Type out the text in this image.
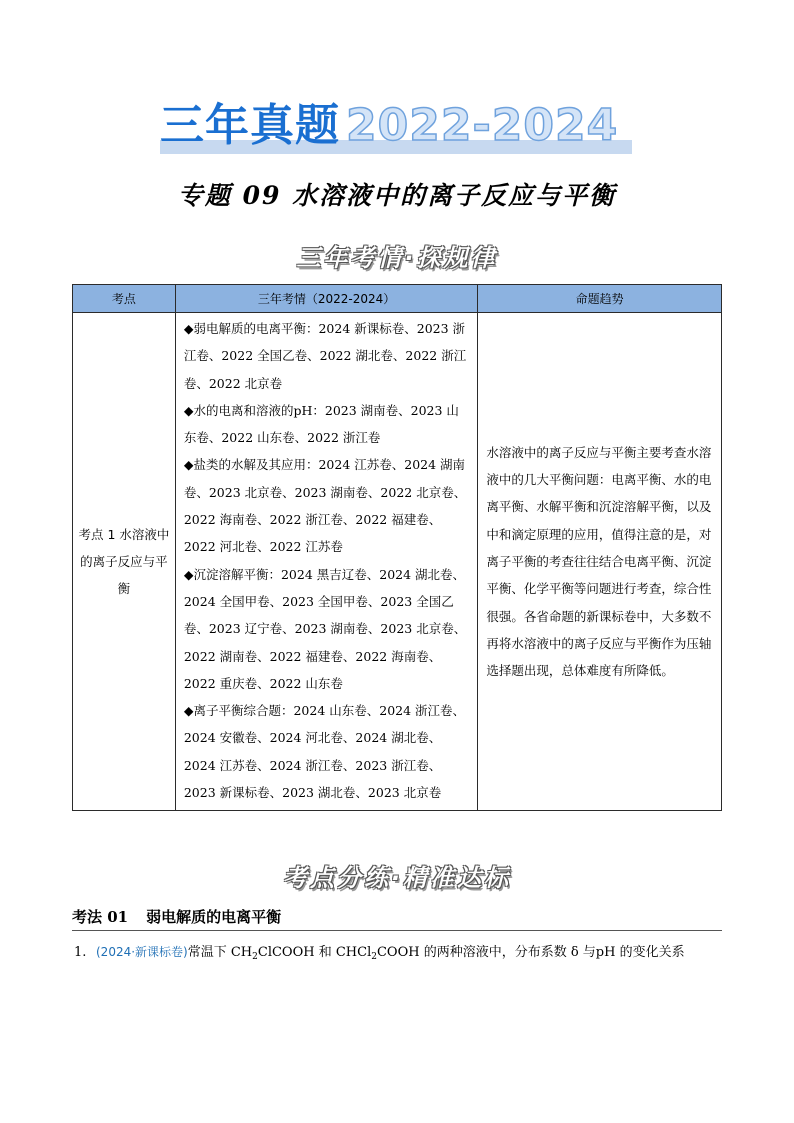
三年真题 2022-2024
专题 09 水溶液中的离子反应与平衡
三年考情·探规律
考点	三年考情（2022-2024）	命题趋势
考点 1 水溶液中的离子反应与平衡	◆弱电解质的电离平衡：2024 新课标卷、2023 浙江卷、2022 全国乙卷、2022 湖北卷、2022 浙江卷、2022 北京卷
◆水的电离和溶液的pH：2023 湖南卷、2023 山东卷、2022 山东卷、2022 浙江卷
◆盐类的水解及其应用：2024 江苏卷、2024 湖南卷、2023 北京卷、2023 湖南卷、2022 北京卷、2022 海南卷、2022 浙江卷、2022 福建卷、2022 河北卷、2022 江苏卷
◆沉淀溶解平衡：2024 黑吉辽卷、2024 湖北卷、2024 全国甲卷、2023 全国甲卷、2023 全国乙卷、2023 辽宁卷、2023 湖南卷、2023 北京卷、2022 湖南卷、2022 福建卷、2022 海南卷、2022 重庆卷、2022 山东卷
◆离子平衡综合题：2024 山东卷、2024 浙江卷、2024 安徽卷、2024 河北卷、2024 湖北卷、2024 江苏卷、2024 浙江卷、2023 浙江卷、2023 新课标卷、2023 湖北卷、2023 北京卷	水溶液中的离子反应与平衡主要考查水溶液中的几大平衡问题：电离平衡、水的电离平衡、水解平衡和沉淀溶解平衡，以及中和滴定原理的应用，值得注意的是，对离子平衡的考查往往结合电离平衡、沉淀平衡、化学平衡等问题进行考查，综合性很强。各省命题的新课标卷中，大多数不再将水溶液中的离子反应与平衡作为压轴选择题出现，总体难度有所降低。
考点分练·精准达标
考法 01 弱电解质的电离平衡
1. (2024·新课标卷)常温下 $CH_2ClCOOH$ 和 CHCl$_2$COOH 的两种溶液中，分布系数 δ 与pH 的变化关系
